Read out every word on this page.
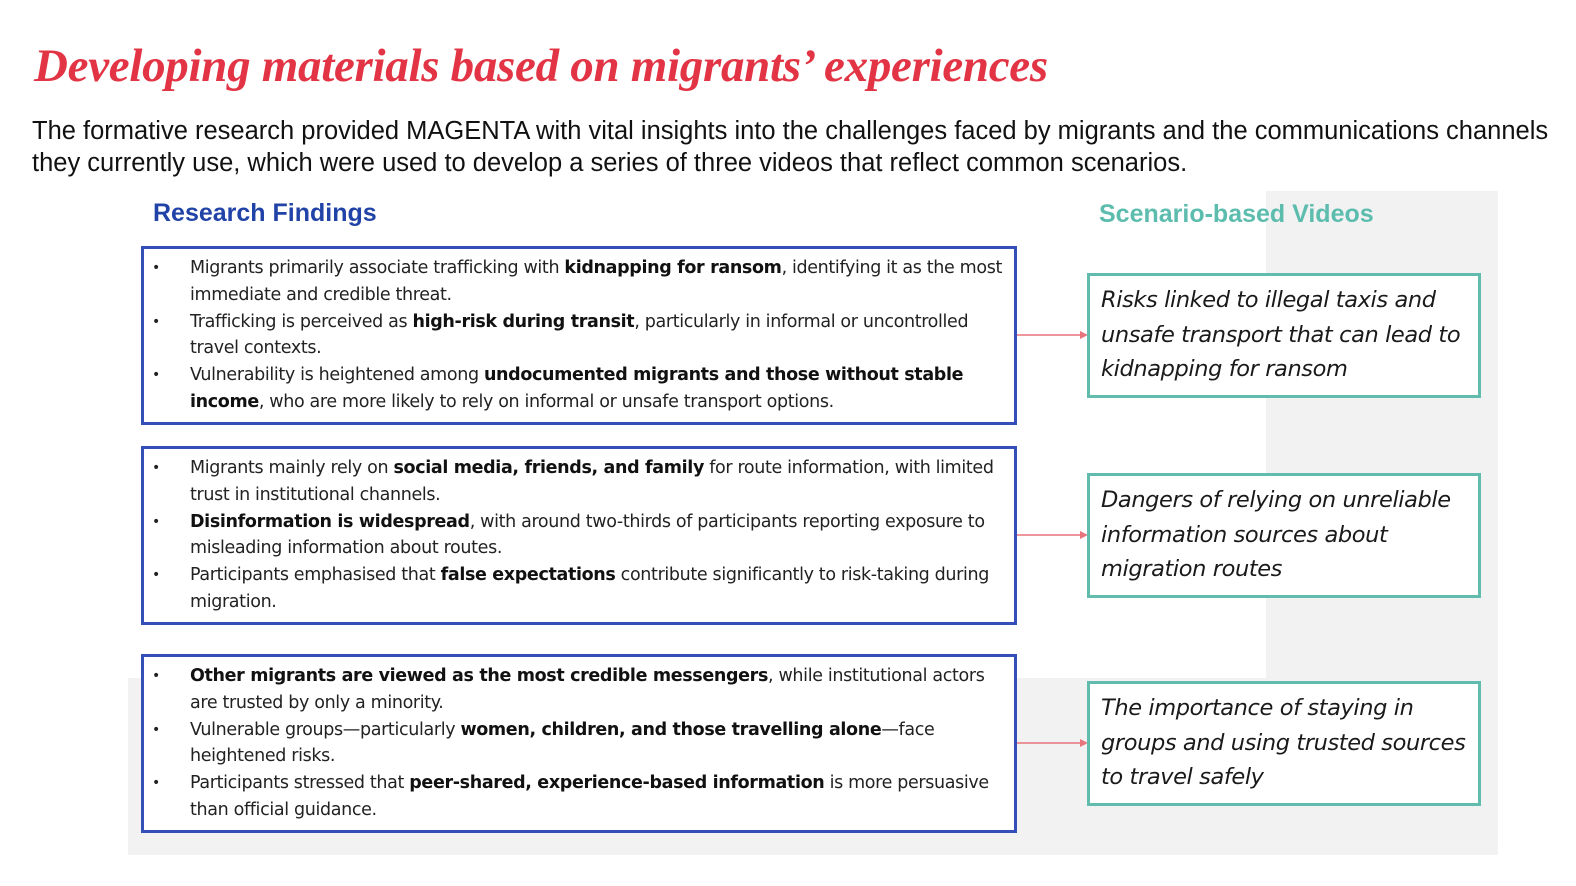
Developing materials based on migrants’ experiences

The formative research provided MAGENTA with vital insights into the challenges faced by migrants and the communications channels they currently use, which were used to develop a series of three videos that reflect common scenarios.

Research Findings	Scenario-based Videos
• Migrants primarily associate trafficking with kidnapping for ransom, identifying it as the most immediate and credible threat.
• Trafficking is perceived as high-risk during transit, particularly in informal or uncontrolled travel contexts.
• Vulnerability is heightened among undocumented migrants and those without stable income, who are more likely to rely on informal or unsafe transport options.
Risks linked to illegal taxis and unsafe transport that can lead to kidnapping for ransom
• Migrants mainly rely on social media, friends, and family for route information, with limited trust in institutional channels.
• Disinformation is widespread, with around two-thirds of participants reporting exposure to misleading information about routes.
• Participants emphasised that false expectations contribute significantly to risk-taking during migration.
Dangers of relying on unreliable information sources about migration routes
• Other migrants are viewed as the most credible messengers, while institutional actors are trusted by only a minority.
• Vulnerable groups—particularly women, children, and those travelling alone—face heightened risks.
• Participants stressed that peer-shared, experience-based information is more persuasive than official guidance.
The importance of staying in groups and using trusted sources to travel safely
